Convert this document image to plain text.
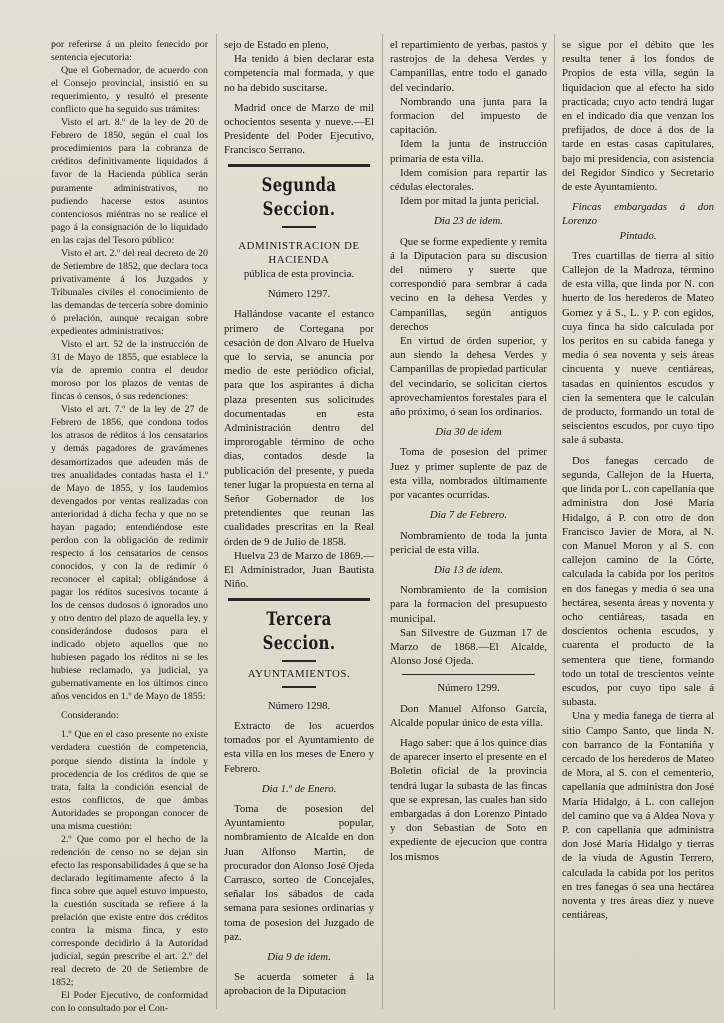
por referirse á un pleito fenecido por sentencia ejecutoria:

Que el Gobernador, de acuerdo con el Consejo provincial, insistió en su requerimiento, y resultó el presente conflicto que ha seguido sus trámites:

Visto el art. 8.º de la ley de 20 de Febrero de 1850, según el cual los procedimientos para la cobranza de créditos definitivamente liquidados á favor de la Hacienda pública serán puramente administrativos, no pudiendo hacerse estos asuntos contenciosos miéntras no se realice el pago á la consignación de lo liquidado en las cajas del Tesoro público:

Visto el art. 2.º del real decreto de 20 de Setiembre de 1852, que declara toca privativamente á los Juzgados y Tribunales civiles el conocimiento de las demandas de tercería sobre dominio ó prelación, aunque recaigan sobre expedientes administrativos:

Visto el art. 52 de la instrucción de 31 de Mayo de 1855, que establece la vía de apremio contra el deudor moroso por los plazos de ventas de fincas ó censos, ó sus redenciones:

Visto el art. 7.º de la ley de 27 de Febrero de 1856, que condona todos los atrasos de réditos á los censatarios y demás pagadores de gravámenes desamortizados que adeuden más de tres anualidades contadas hasta el 1.º de Mayo de 1855, y los laudemios devengados por ventas realizadas con anterioridad á dicha fecha y que no se hayan pagado; entendiéndose este perdon con la obligación de redimir respecto á los censatarios de censos conocidos, y con la de redimir ó reconocer el capital; obligándose á pagar los réditos sucesivos tocante á los de censos dudosos ó ignorados uno y otro dentro del plazo de aquella ley, y considerándose dudosos para el indicado objeto aquellos que no hubiesen pagado los réditos ni se les hubiese reclamado, ya judicial, ya gubernativamente en los últimos cinco años vencidos en 1.º de Mayo de 1855:

Considerando:

1.º Que en el caso presente no existe verdadera cuestión de competencia, porque siendo distinta la índole y procedencia de los créditos de que se trata, falta la condición esencial de estos conflictos, de que ámbas Autoridades se propongan conocer de una misma cuestión:

2.º Que como por el hecho de la redención de censo no se dejan sin efecto las responsabilidades á que se ha declarado legítimamente afecto á la finca sobre que aquel estuvo impuesto, la cuestión suscitada se refiere á la prelación que existe entre dos créditos contra la misma finca, y esto corresponde decidirlo á la Autoridad judicial, según prescribe el art. 2.º del real decreto de 20 de Setiembre de 1852;

El Poder Ejecutivo, de conformidad con lo consultado por el Con-

sejo de Estado en pleno,

Ha tenido á bien declarar esta competencia mal formada, y que no ha debido suscitarse.

Madrid once de Marzo de mil ochocientos sesenta y nueve.—El Presidente del Poder Ejecutivo, Francisco Serrano.

Segunda Seccion.

ADMINISTRACION DE HACIENDA

pública de esta provincia.

Número 1297.

Hallándose vacante el estanco primero de Cortegana por cesación de don Alvaro de Huelva que lo servia, se anuncia por medio de este periódico oficial, para que los aspirantes á dicha plaza presenten sus solicitudes documentadas en esta Administración dentro del improrogable término de ocho dias, contados desde la publicación del presente, y pueda tener lugar la propuesta en terna al Señor Gobernador de los pretendientes que reunan las cualidades prescritas en la Real órden de 9 de Julio de 1858.

Huelva 23 de Marzo de 1869.—El Administrador, Juan Bautista Niño.

Tercera Seccion.

AYUNTAMIENTOS.

Número 1298.

Extracto de los acuerdos tomados por el Ayuntamiento de esta villa en los meses de Enero y Febrero.

Dia 1.º de Enero.

Toma de posesion del Ayuntamiento popular, nombramiento de Alcalde en don Juan Alfonso Martin, de procurador don Alonso José Ojeda Carrasco, sorteo de Concejales, señalar los sábados de cada semana para sesiones ordinarias y toma de posesion del Juzgado de paz.

Dia 9 de idem.

Se acuerda someter á la aprobacion de la Diputacion

el repartimiento de yerbas, pastos y rastrojos de la dehesa Verdes y Campanillas, entre todo el ganado del vecindario.

Nombrando una junta para la formacion del impuesto de capitación.

Idem la junta de instrucción primaria de esta villa.

Idem comision para repartir las cédulas electorales.

Idem por mitad la junta pericial.

Dia 23 de idem.

Que se forme expediente y remita á la Diputacion para su discusion del número y suerte que correspondió para sembrar á cada vecino en la dehesa Verdes y Campanillas, según antiguos derechos

En virtud de órden superior, y aun siendo la dehesa Verdes y Campanillas de propiedad particular del vecindario, se solicitan ciertos aprovechamientos forestales para el año próximo, ó sean los ordinarios.

Dia 30 de idem

Toma de posesion del primer Juez y primer suplente de paz de esta villa, nombrados últimamente por vacantes ocurridas.

Dia 7 de Febrero.

Nombramiento de toda la junta pericial de esta villa.

Dia 13 de idem.

Nombramiento de la comision para la formacion del presupuesto municipal.

San Silvestre de Guzman 17 de Marzo de 1868.—El Alcalde, Alonso José Ojeda.

Número 1299.

Don Manuel Alfonso García, Alcalde popular único de esta villa.

Hago saber: que á los quince dias de aparecer inserto el presente en el Boletin oficial de la provincia tendrá lugar la subasta de las fincas que se expresan, las cuales han sido embargadas á don Lorenzo Pintado y don Sebastian de Soto en expediente de ejecucion que contra los mismos

se sigue por el débito que les resulta tener á los fondos de Propios de esta villa, según la liquidacion que al efecto ha sido practicada; cuyo acto tendrá lugar en el indicado dia que venzan los prefijados, de doce á dos de la tarde en estas casas capitulares, bajo mi presidencia, con asistencia del Regidor Síndico y Secretario de este Ayuntamiento.

Fincas embargadas á don Lorenzo

Pintado.

Tres cuartillas de tierra al sitio Callejon de la Madroza, término de esta villa, que linda por N. con huerto de los herederos de Mateo Gomez y á S., L. y P. con egidos, cuya finca ha sido calculada por los peritos en su cabida fanega y media ó sea noventa y seis áreas cincuenta y nueve centiáreas, tasadas en quinientos escudos y cien la sementera que le calculan de producto, formando un total de seiscientos escudos, por cuyo tipo sale á subasta.

Dos fanegas cercado de segunda, Callejon de la Huerta, que linda por L. con capellanía que administra don José María Hidalgo, á P. con otro de don Francisco Javier de Mora, al N. con Manuel Moron y al S. con callejon camino de la Córte, calculada la cabida por los peritos en dos fanegas y media ó sea una hectárea, sesenta áreas y noventa y ocho centiáreas, tasada en doscientos ochenta escudos, y cuarenta el producto de la sementera que tiene, formando todo un total de trescientos veinte escudos, por cuyo tipo sale á subasta.

Una y media fanega de tierra al sitio Campo Santo, que linda N. con barranco de la Fontaniña y cercado de los herederos de Mateo de Mora, al S. con el cementerio, capellanía que administra don José María Hidalgo, á L. con callejon del camino que va á Aldea Nova y P. con capellanía que administra don José María Hidalgo y tierras de la viuda de Agustin Terrero, calculada la cabida por los peritos en tres fanegas ó sea una hectárea noventa y tres áreas diez y nueve centiáreas,
